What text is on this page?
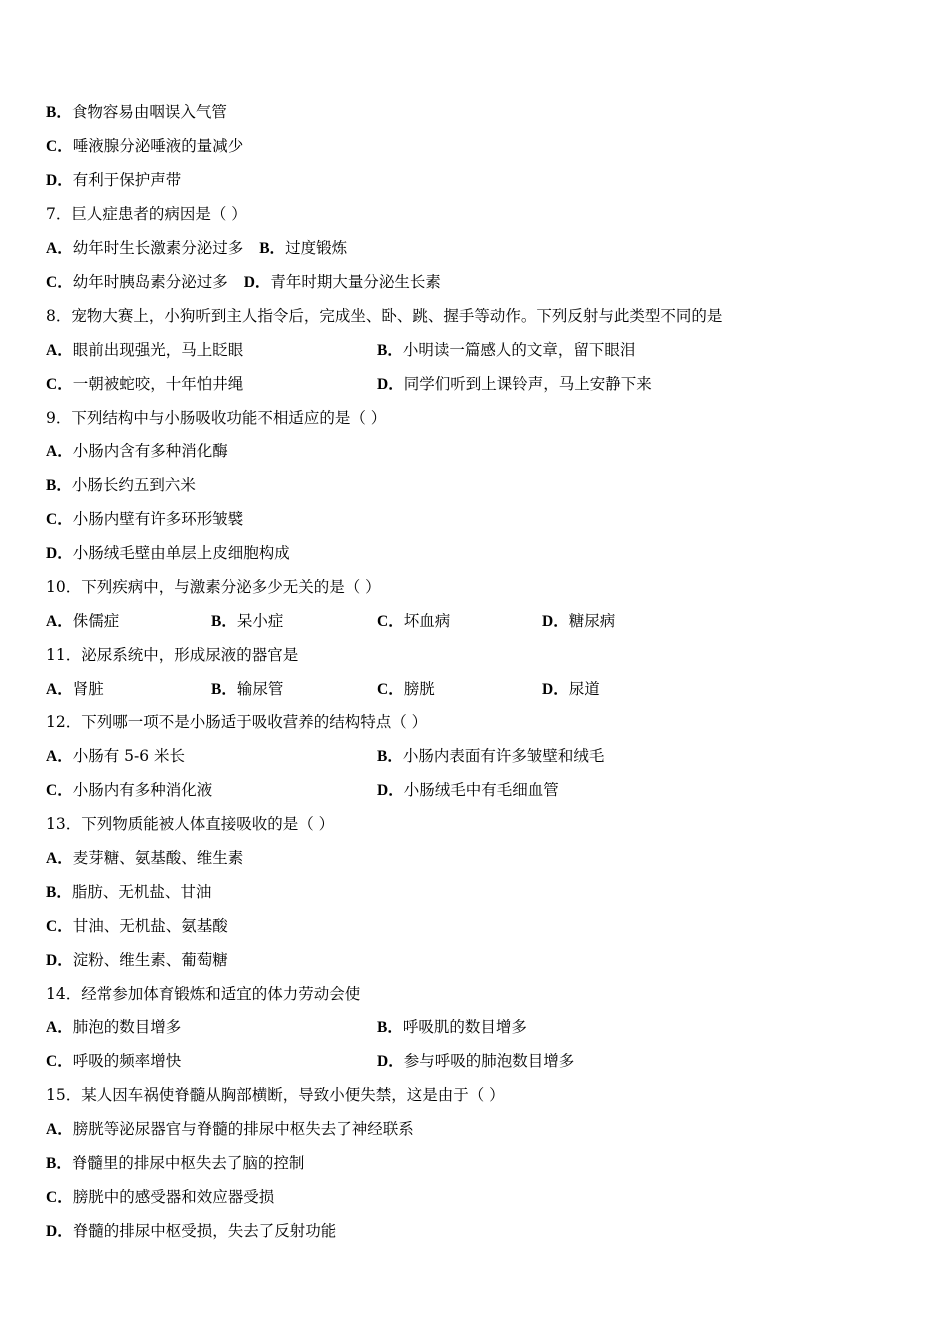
B．食物容易由咽误入气管
C．唾液腺分泌唾液的量减少
D．有利于保护声带
7．巨人症患者的病因是（ ）
A．幼年时生长激素分泌过多 B．过度锻炼
C．幼年时胰岛素分泌过多 D．青年时期大量分泌生长素
8．宠物大赛上，小狗听到主人指令后，完成坐、卧、跳、握手等动作。下列反射与此类型不同的是
A．眼前出现强光，马上眨眼	B．小明读一篇感人的文章，留下眼泪
C．一朝被蛇咬，十年怕井绳	D．同学们听到上课铃声，马上安静下来
9．下列结构中与小肠吸收功能不相适应的是（ ）
A．小肠内含有多种消化酶
B．小肠长约五到六米
C．小肠内壁有许多环形皱襞
D．小肠绒毛壁由单层上皮细胞构成
10．下列疾病中，与激素分泌多少无关的是（ ）
A．侏儒症	B．呆小症	C．坏血病	D．糖尿病
11．泌尿系统中，形成尿液的器官是
A．肾脏	B．输尿管	C．膀胱	D．尿道
12．下列哪一项不是小肠适于吸收营养的结构特点（ ）
A．小肠有 5-6 米长	B．小肠内表面有许多皱壁和绒毛
C．小肠内有多种消化液	D．小肠绒毛中有毛细血管
13．下列物质能被人体直接吸收的是（ ）
A．麦芽糖、氨基酸、维生素
B．脂肪、无机盐、甘油
C．甘油、无机盐、氨基酸
D．淀粉、维生素、葡萄糖
14．经常参加体育锻炼和适宜的体力劳动会使
A．肺泡的数目增多	B．呼吸肌的数目增多
C．呼吸的频率增快	D．参与呼吸的肺泡数目增多
15．某人因车祸使脊髓从胸部横断，导致小便失禁，这是由于（ ）
A．膀胱等泌尿器官与脊髓的排尿中枢失去了神经联系
B．脊髓里的排尿中枢失去了脑的控制
C．膀胱中的感受器和效应器受损
D．脊髓的排尿中枢受损，失去了反射功能
